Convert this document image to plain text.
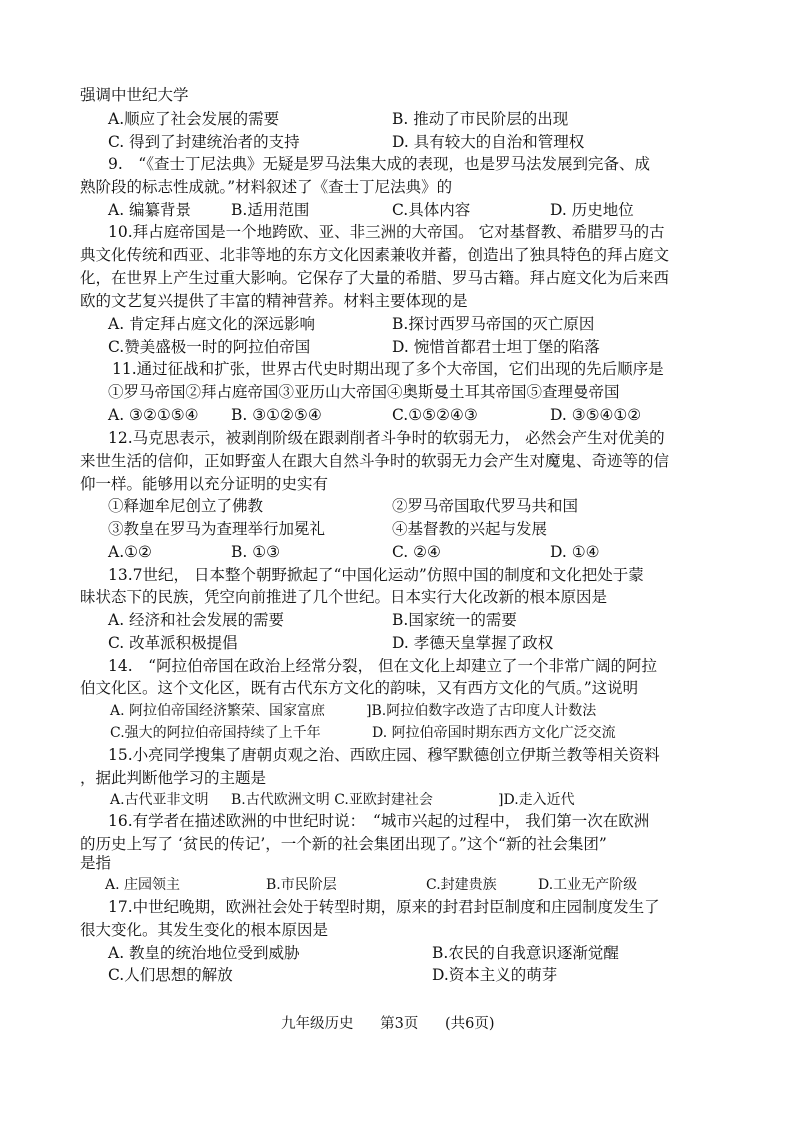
强调中世纪大学
A.顺应了社会发展的需要	B. 推动了市民阶层的出现
C. 得到了封建统治者的支持	D. 具有较大的自治和管理权
9.　“《查士丁尼法典》无疑是罗马法集大成的表现，也是罗马法发展到完备、成
熟阶段的标志性成就。”材料叙述了《查士丁尼法典》的
A. 编纂背景	B.适用范围	C.具体内容	D. 历史地位
10.拜占庭帝国是一个地跨欧、亚、非三洲的大帝国。 它对基督教、希腊罗马的古
典文化传统和西亚、北非等地的东方文化因素兼收并蓄，创造出了独具特色的拜占庭文
化，在世界上产生过重大影响。它保存了大量的希腊、罗马古籍。拜占庭文化为后来西
欧的文艺复兴提供了丰富的精神营养。材料主要体现的是
A. 肯定拜占庭文化的深远影响	B.探讨西罗马帝国的灭亡原因
C.赞美盛极一时的阿拉伯帝国	D. 惋惜首都君士坦丁堡的陷落
11.通过征战和扩张，世界古代史时期出现了多个大帝国，它们出现的先后顺序是
①罗马帝国②拜占庭帝国③亚历山大帝国④奥斯曼土耳其帝国⑤查理曼帝国
A. ③②①⑤④ B. ③①②⑤④	C.①⑤②④③	D. ③⑤④①②
12.马克思表示，被剥削阶级在跟剥削者斗争时的软弱无力， 必然会产生对优美的
来世生活的信仰，正如野蛮人在跟大自然斗争时的软弱无力会产生对魔鬼、奇迹等的信
仰一样。能够用以充分证明的史实有
①释迦牟尼创立了佛教	②罗马帝国取代罗马共和国
③教皇在罗马为查理举行加冕礼	④基督教的兴起与发展
A.①②	B. ①③	C. ②④	D. ①④
13.7世纪， 日本整个朝野掀起了“中国化运动”仿照中国的制度和文化把处于蒙
昧状态下的民族，凭空向前推进了几个世纪。日本实行大化改新的根本原因是
A. 经济和社会发展的需要	B.国家统一的需要
C. 改革派积极提倡	D. 孝德天皇掌握了政权
14.　“阿拉伯帝国在政治上经常分裂， 但在文化上却建立了一个非常广阔的阿拉
伯文化区。这个文化区，既有古代东方文化的韵味，又有西方文化的气质。”这说明
A. 阿拉伯帝国经济繁荣、国家富庶	]B.阿拉伯数字改造了古印度人计数法
C.强大的阿拉伯帝国持续了上千年	D. 阿拉伯帝国时期东西方文化广泛交流
15.小亮同学搜集了唐朝贞观之治、西欧庄园、穆罕默德创立伊斯兰教等相关资料
，据此判断他学习的主题是
A.古代亚非文明 B.古代欧洲文明 C.亚欧封建社会	]D.走入近代
16.有学者在描述欧洲的中世纪时说：　“城市兴起的过程中， 我们第一次在欧洲
的历史上写了 ‘贫民的传记’，一个新的社会集团出现了。”这个“新的社会集团”
是指
A. 庄园领主	B.市民阶层	C.封建贵族	D.工业无产阶级
17.中世纪晚期，欧洲社会处于转型时期，原来的封君封臣制度和庄园制度发生了
很大变化。其发生变化的根本原因是
A. 教皇的统治地位受到威胁	B.农民的自我意识逐渐觉醒
C.人们思想的解放	D.资本主义的萌芽
九年级历史 第3页 (共6页)
